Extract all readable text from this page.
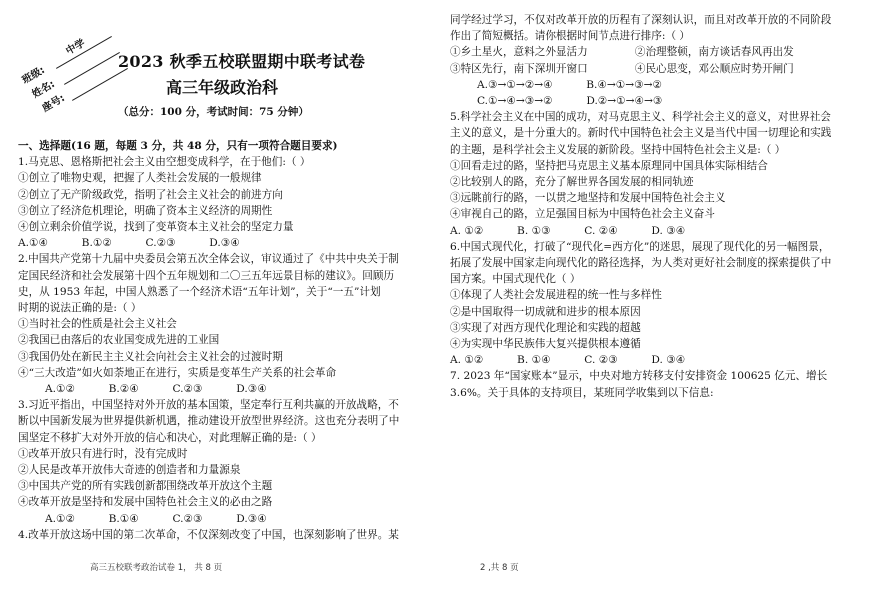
中学
班级:
姓名:
座号:
2023 秋季五校联盟期中联考试卷
高三年级政治科
（总分：100 分，考试时间：75 分钟）

一、选择题(16 题，每题 3 分，共 48 分，只有一项符合题目要求)

1.马克思、恩格斯把社会主义由空想变成科学，在于他们:（ ）

①创立了唯物史观，把握了人类社会发展的一般规律

②创立了无产阶级政党，指明了社会主义社会的前进方向

③创立了经济危机理论，明确了资本主义经济的周期性

④创立剩余价值学说，找到了变革资本主义社会的坚定力量

A.①④          B.①②          C.②③          D.③④

2.中国共产党第十九届中央委员会第五次全体会议，审议通过了《中共中央关于制

定国民经济和社会发展第十四个五年规划和二〇三五年远景目标的建议》。回顾历

史，从 1953 年起，中国人熟悉了一个经济术语“五年计划”，关于“一五”计划

时期的说法正确的是:（ ）

①当时社会的性质是社会主义社会

②我国已由落后的农业国变成先进的工业国

③我国仍处在新民主主义社会向社会主义社会的过渡时期

④“三大改造”如火如荼地正在进行，实质是变革生产关系的社会革命

A.①②          B.②④          C.②③          D.③④

3.习近平指出，中国坚持对外开放的基本国策，坚定奉行互利共赢的开放战略，不

断以中国新发展为世界提供新机遇，推动建设开放型世界经济。这也充分表明了中

国坚定不移扩大对外开放的信心和决心，对此理解正确的是:（ ）

①改革开放只有进行时，没有完成时

②人民是改革开放伟大奇迹的创造者和力量源泉

③中国共产党的所有实践创新都围绕改革开放这个主题

④改革开放是坚持和发展中国特色社会主义的必由之路

A.①②          B.①④          C.②③          D.③④

4.改革开放这场中国的第二次革命，不仅深刻改变了中国，也深刻影响了世界。某

同学经过学习，不仅对改革开放的历程有了深刻认识，而且对改革开放的不同阶段

作出了简短概括。请你根据时间节点进行排序:（ ）

①乡土星火，意料之外显活力              ②治理整顿，南方谈话春风再出发

③特区先行，南下深圳开窗口              ④民心思变，邓公顺应时势开闸门

A.③→①→②→④          B.④→①→③→②

C.①→④→③→②          D.②→①→④→③

5.科学社会主义在中国的成功，对马克思主义、科学社会主义的意义，对世界社会

主义的意义，是十分重大的。新时代中国特色社会主义是当代中国一切理论和实践

的主题，是科学社会主义发展的新阶段。坚持中国特色社会主义是:（ ）

①回看走过的路，坚持把马克思主义基本原理同中国具体实际相结合

②比较别人的路，充分了解世界各国发展的相同轨迹

③远眺前行的路，一以贯之地坚持和发展中国特色社会主义

④审视自己的路，立足强国目标为中国特色社会主义奋斗

A. ①②          B. ①③          C. ②④          D. ③④

6.中国式现代化，打破了“现代化=西方化”的迷思，展现了现代化的另一幅图景，

拓展了发展中国家走向现代化的路径选择，为人类对更好社会制度的探索提供了中

国方案。中国式现代化（ ）

①体现了人类社会发展进程的统一性与多样性

②是中国取得一切成就和进步的根本原因

③实现了对西方现代化理论和实践的超越

④为实现中华民族伟大复兴提供根本遵循

A. ①②          B. ①④          C. ②③          D. ③④

7. 2023 年“国家账本”显示，中央对地方转移支付安排资金 100625 亿元、增长

3.6%。关于具体的支持项目，某班同学收集到以下信息:

高三五校联考政治试卷 1， 共 8 页	2 ,共 8 页
